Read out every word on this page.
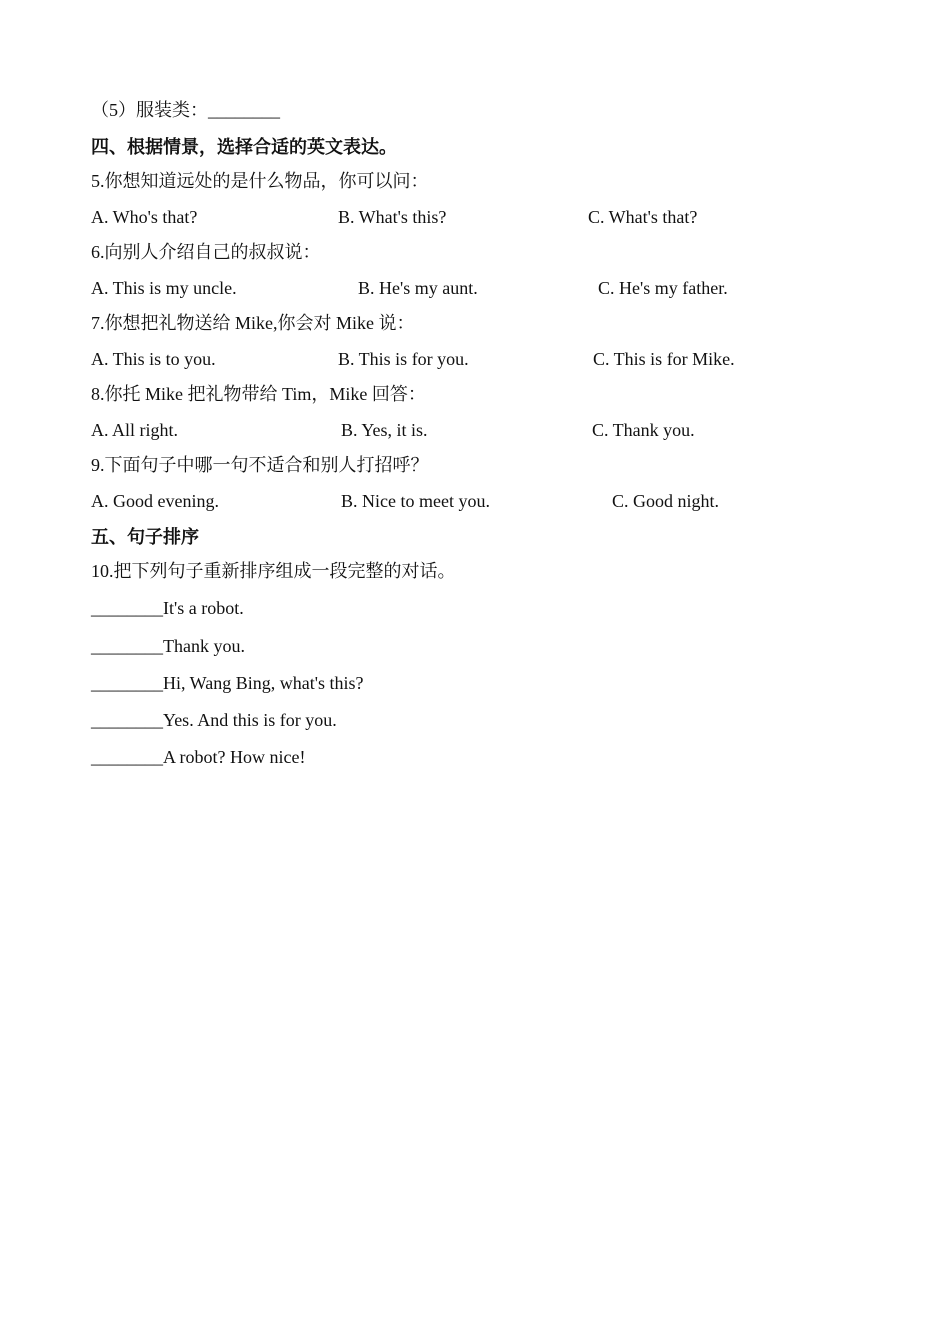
（5）服装类：________
四、根据情景，选择合适的英文表达。
5.你想知道远处的是什么物品，你可以问：
A. Who's that?	B. What's this?	C. What's that?
6.向别人介绍自己的叔叔说：
A. This is my uncle.	B. He's my aunt.	C. He's my father.
7.你想把礼物送给 Mike,你会对 Mike 说：
A. This is to you.	B. This is for you.	C. This is for Mike.
8.你托 Mike 把礼物带给 Tim，Mike 回答：
A. All right.	B. Yes, it is.	C. Thank you.
9.下面句子中哪一句不适合和别人打招呼？
A. Good evening.	B. Nice to meet you.	C. Good night.
五、句子排序
10.把下列句子重新排序组成一段完整的对话。
________It's a robot.
________Thank you.
________Hi, Wang Bing, what's this?
________Yes. And this is for you.
________A robot? How nice!
